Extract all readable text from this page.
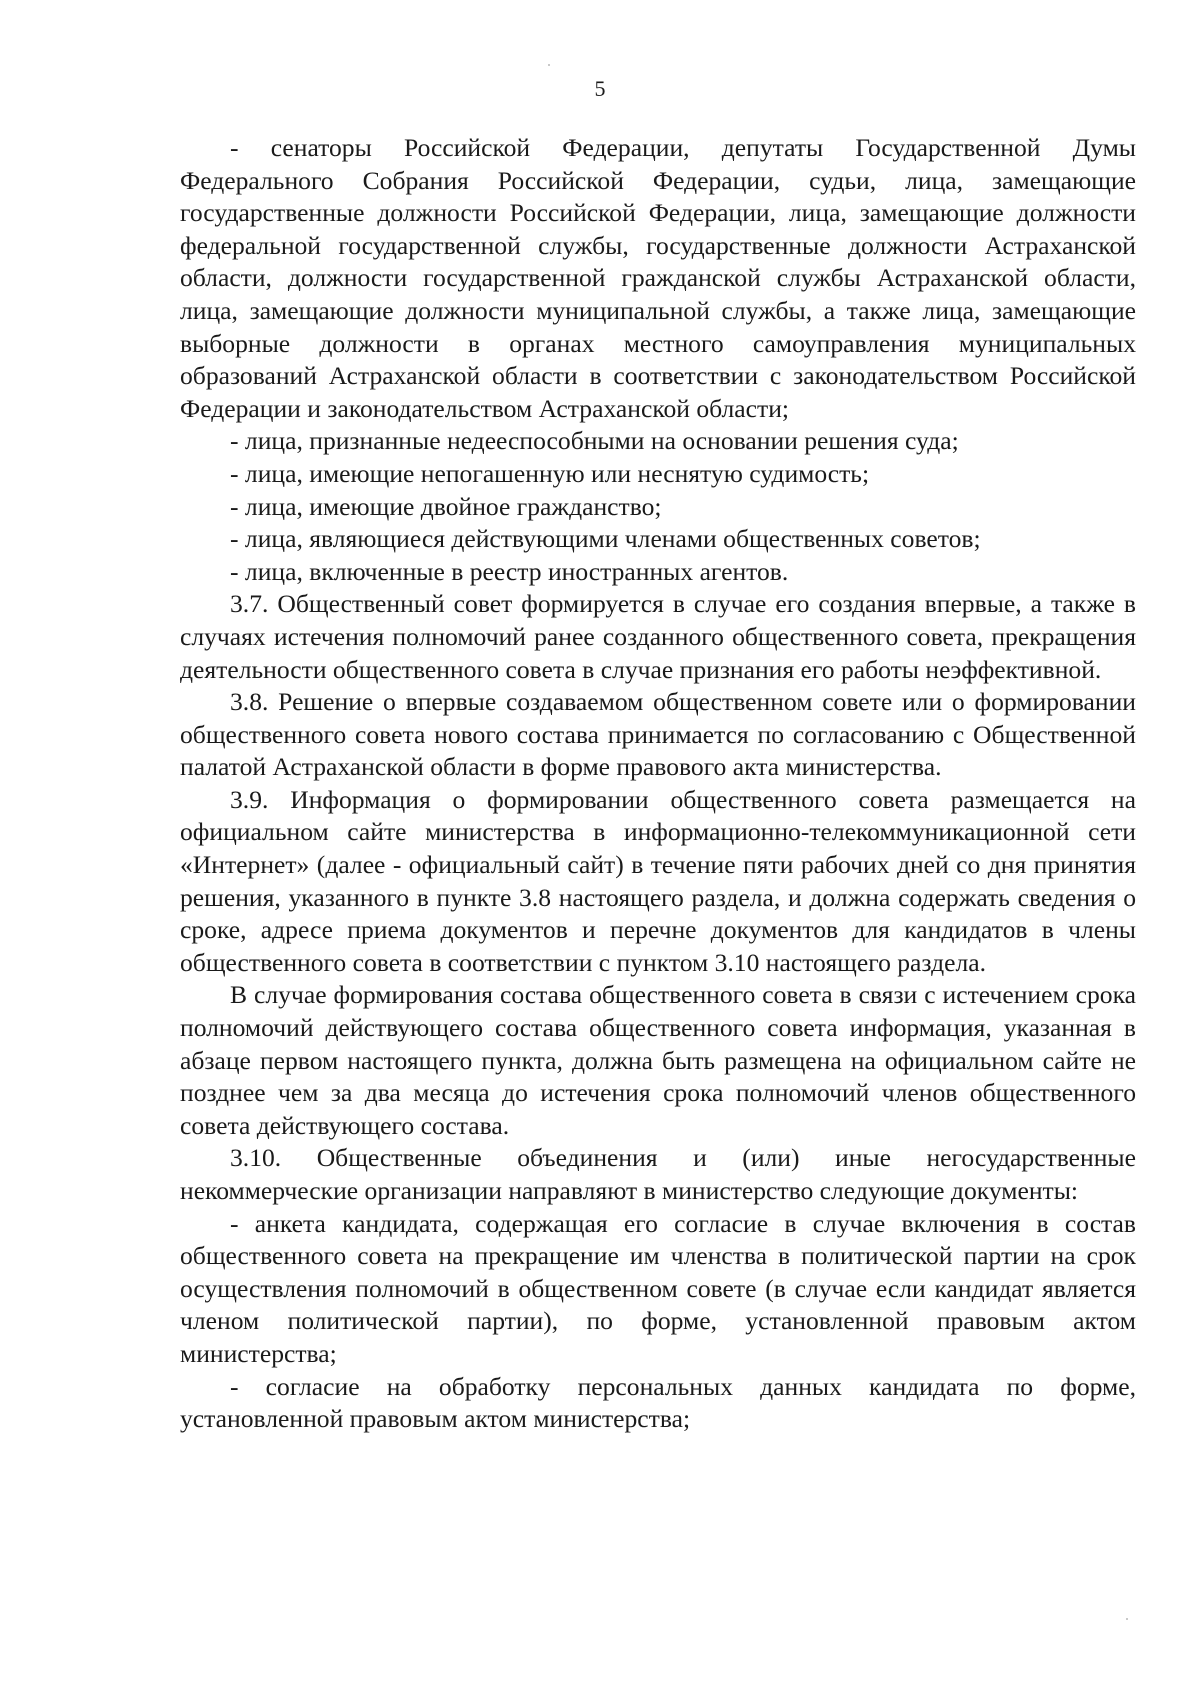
5

- сенаторы Российской Федерации, депутаты Государственной Думы Федерального Собрания Российской Федерации, судьи, лица, замещающие государственные должности Российской Федерации, лица, замещающие должности федеральной государственной службы, государственные должности Астраханской области, должности государственной гражданской службы Астраханской области, лица, замещающие должности муниципальной службы, а также лица, замещающие выборные должности в органах местного самоуправления муниципальных образований Астраханской области в соответствии с законодательством Российской Федерации и законодательством Астраханской области;

- лица, признанные недееспособными на основании решения суда;

- лица, имеющие непогашенную или неснятую судимость;

- лица, имеющие двойное гражданство;

- лица, являющиеся действующими членами общественных советов;

- лица, включенные в реестр иностранных агентов.

3.7. Общественный совет формируется в случае его создания впервые, а также в случаях истечения полномочий ранее созданного общественного совета, прекращения деятельности общественного совета в случае признания его работы неэффективной.

3.8. Решение о впервые создаваемом общественном совете или о формировании общественного совета нового состава принимается по согласованию с Общественной палатой Астраханской области в форме правового акта министерства.

3.9. Информация о формировании общественного совета размещается на официальном сайте министерства в информационно-телекоммуникационной сети «Интернет» (далее - официальный сайт) в течение пяти рабочих дней со дня принятия решения, указанного в пункте 3.8 настоящего раздела, и должна содержать сведения о сроке, адресе приема документов и перечне документов для кандидатов в члены общественного совета в соответствии с пунктом 3.10 настоящего раздела.

В случае формирования состава общественного совета в связи с истечением срока полномочий действующего состава общественного совета информация, указанная в абзаце первом настоящего пункта, должна быть размещена на официальном сайте не позднее чем за два месяца до истечения срока полномочий членов общественного совета действующего состава.

3.10. Общественные объединения и (или) иные негосударственные некоммерческие организации направляют в министерство следующие документы:

- анкета кандидата, содержащая его согласие в случае включения в состав общественного совета на прекращение им членства в политической партии на срок осуществления полномочий в общественном совете (в случае если кандидат является членом политической партии), по форме, установленной правовым актом министерства;

- согласие на обработку персональных данных кандидата по форме, установленной правовым актом министерства;
